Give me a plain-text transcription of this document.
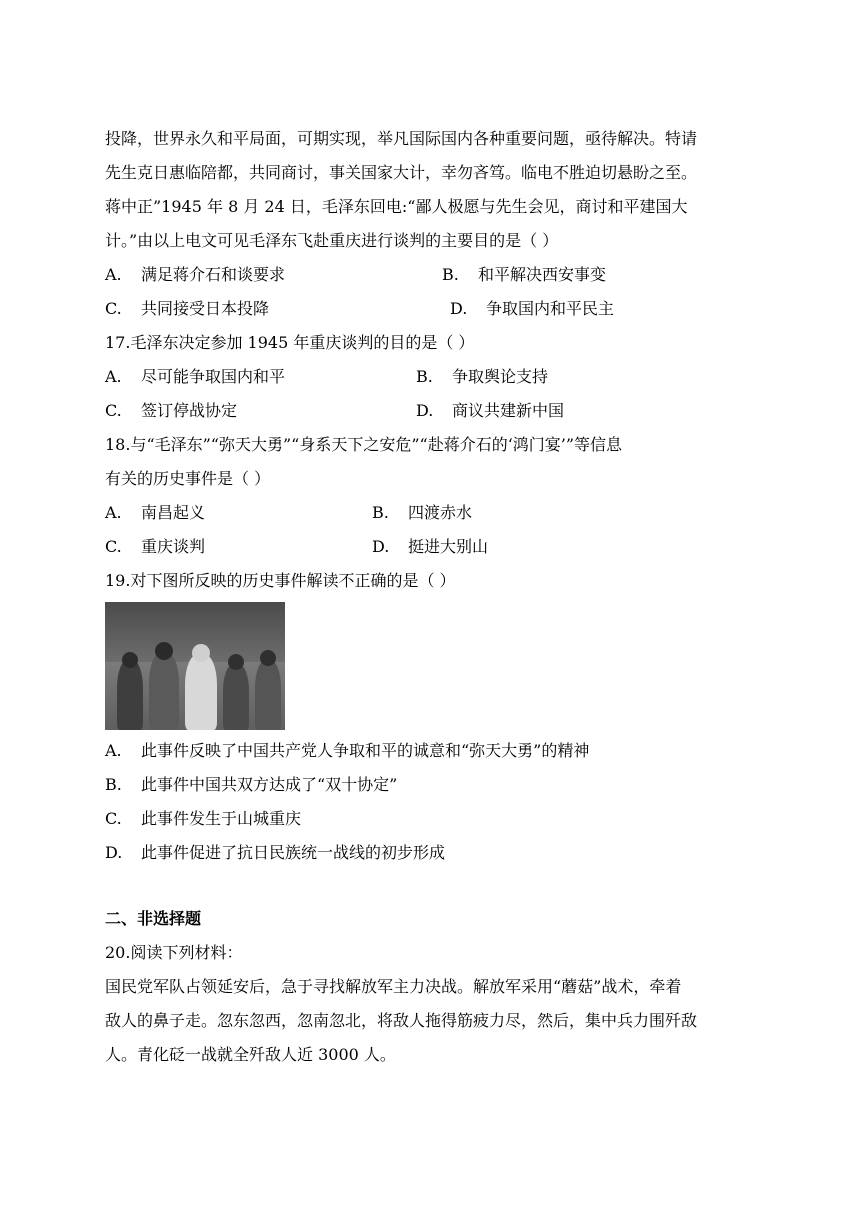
投降，世界永久和平局面，可期实现，举凡国际国内各种重要问题，亟待解决。特请
先生克日惠临陪都，共同商讨，事关国家大计，幸勿吝笃。临电不胜迫切悬盼之至。
蒋中正”1945 年 8 月 24 日，毛泽东回电:“鄙人极愿与先生会见，商讨和平建国大
计。”由以上电文可见毛泽东飞赴重庆进行谈判的主要目的是（ ）
A. 满足蒋介石和谈要求	B. 和平解决西安事变
C. 共同接受日本投降	D. 争取国内和平民主
17.毛泽东决定参加 1945 年重庆谈判的目的是（ ）
A. 尽可能争取国内和平	B. 争取舆论支持
C. 签订停战协定	D. 商议共建新中国
18.与“毛泽东”“弥天大勇”“身系天下之安危”“赴蒋介石的‘鸿门宴’”等信息
有关的历史事件是（ ）
A. 南昌起义	B. 四渡赤水
C. 重庆谈判	D. 挺进大别山
19.对下图所反映的历史事件解读不正确的是（ ）
A. 此事件反映了中国共产党人争取和平的诚意和“弥天大勇”的精神
B. 此事件中国共双方达成了“双十协定”
C. 此事件发生于山城重庆
D. 此事件促进了抗日民族统一战线的初步形成
二、非选择题
20.阅读下列材料：
国民党军队占领延安后，急于寻找解放军主力决战。解放军采用“蘑菇”战术，牵着
敌人的鼻子走。忽东忽西，忽南忽北，将敌人拖得筋疲力尽，然后，集中兵力围歼敌
人。青化砭一战就全歼敌人近 3000 人。
